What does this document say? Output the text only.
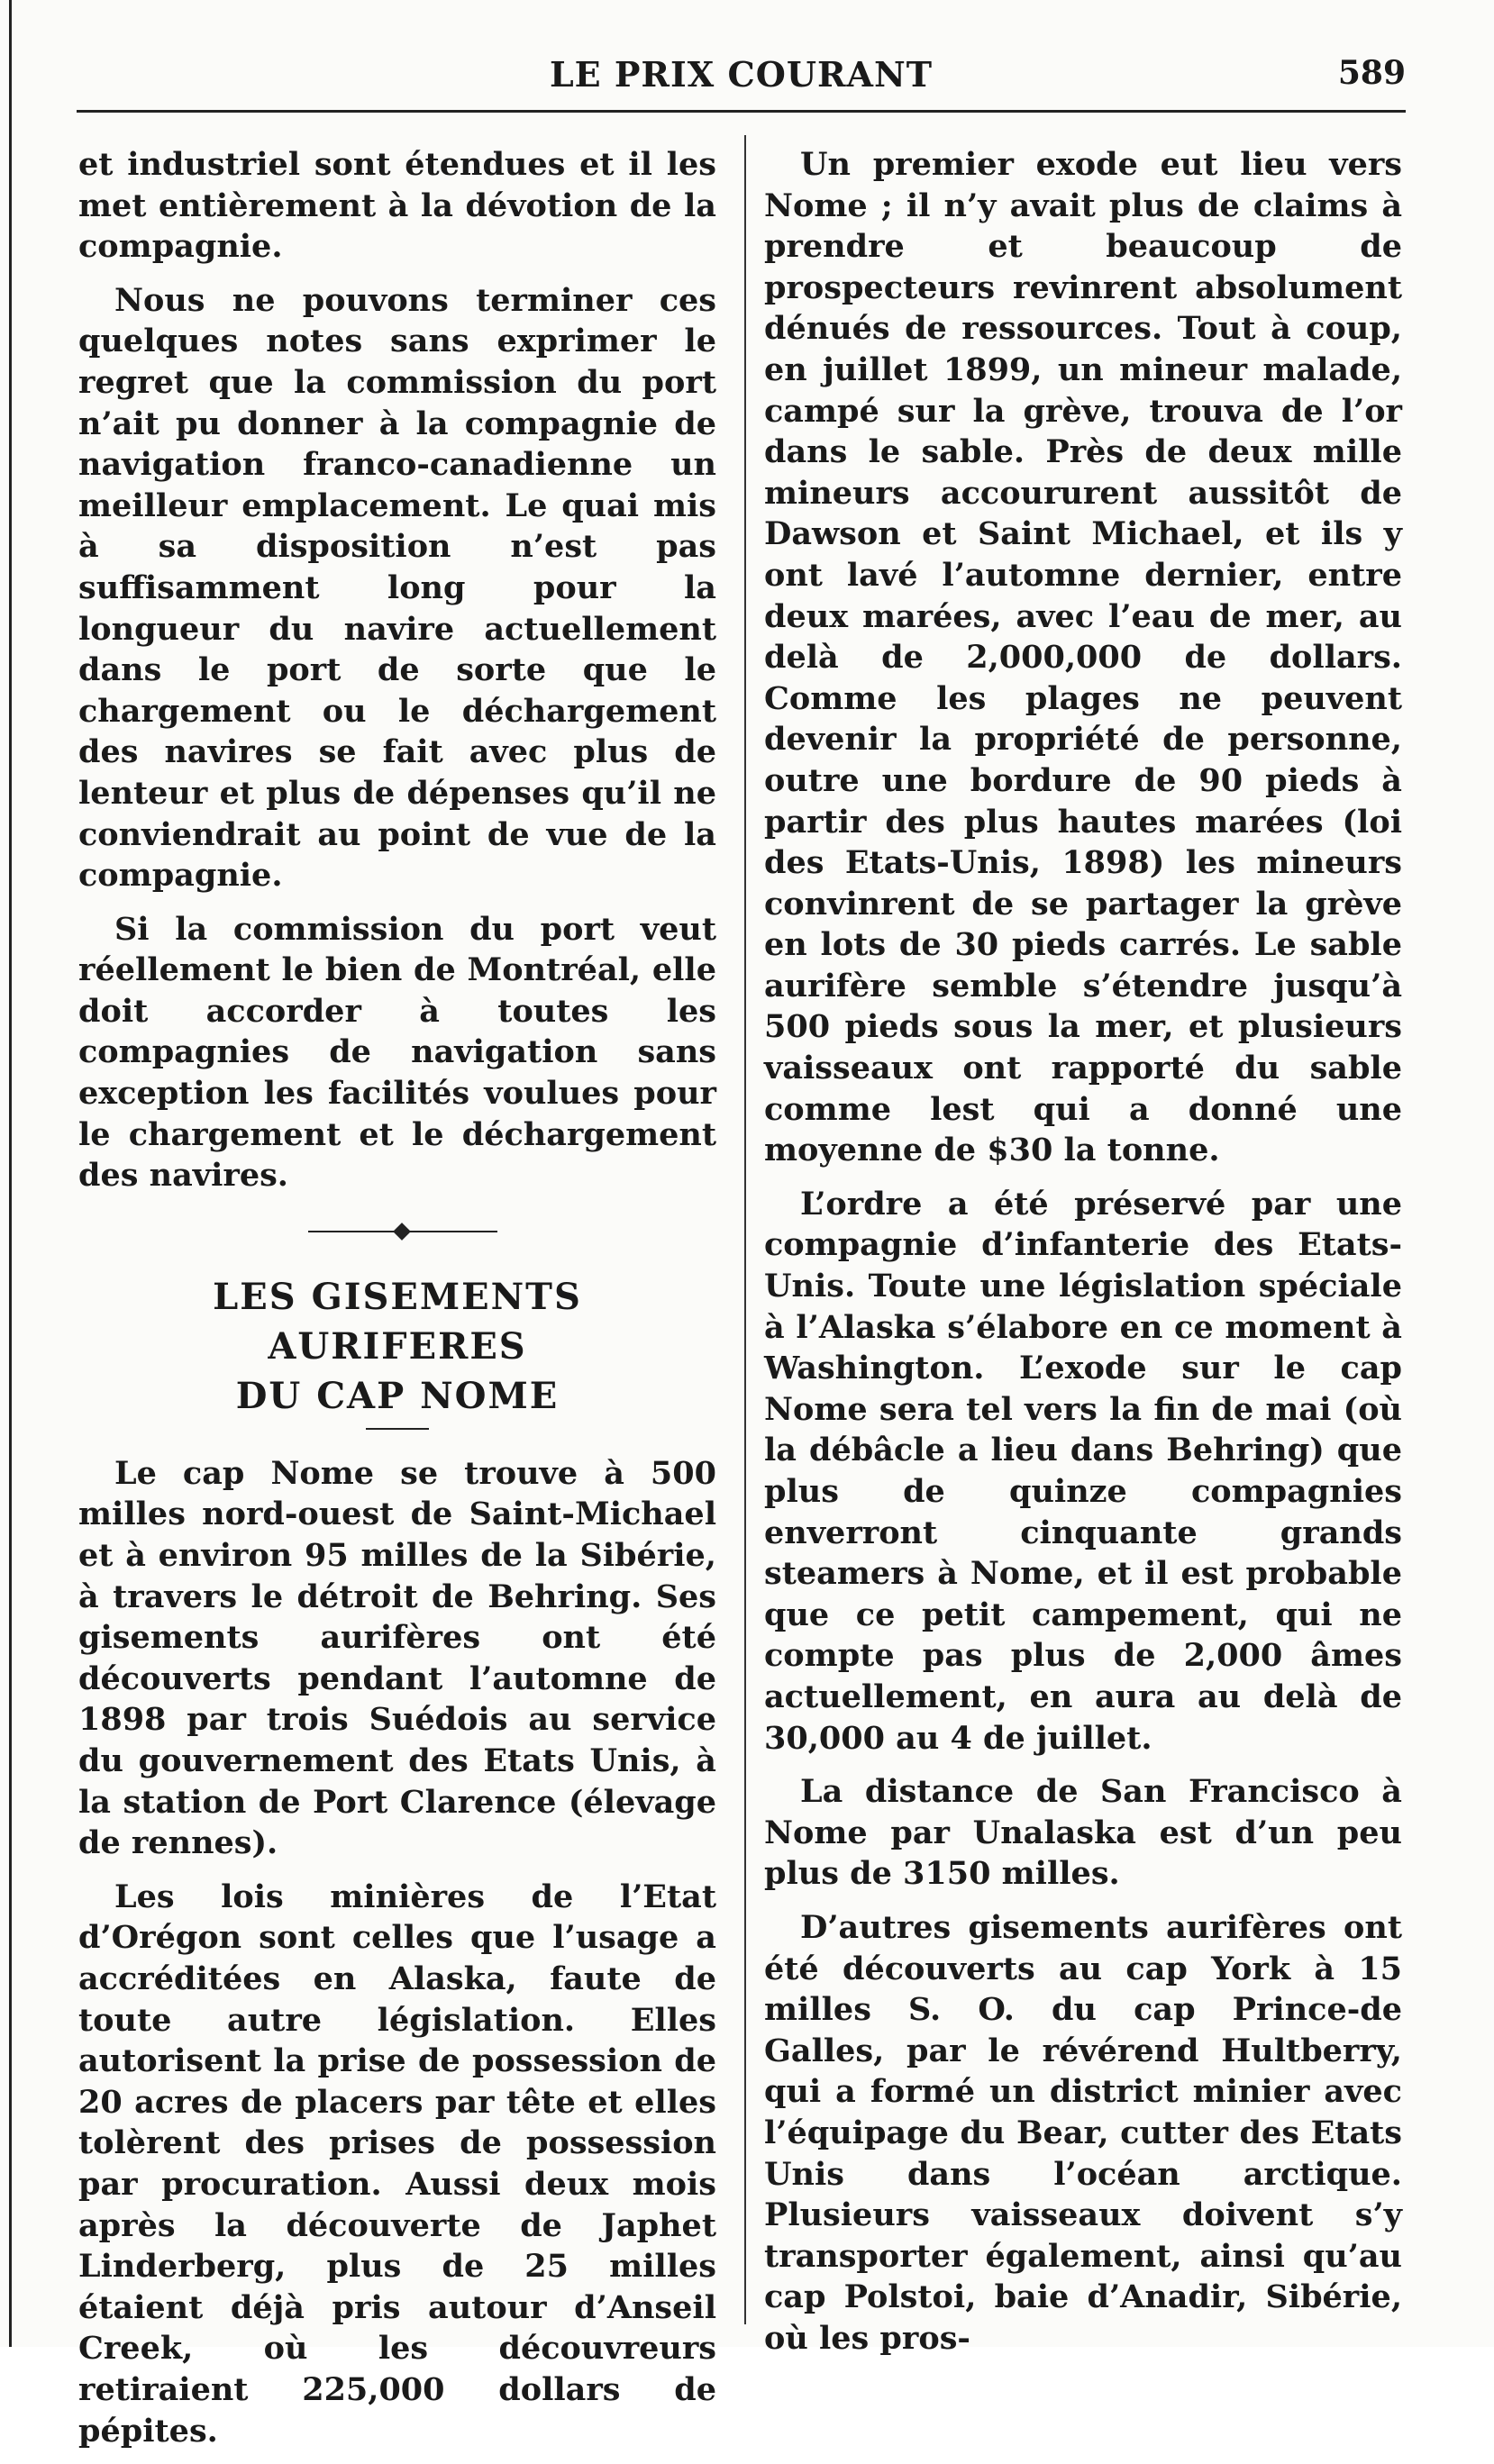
LE PRIX COURANT	589

et industriel sont étendues et il les met entièrement à la dévotion de la compagnie.

Nous ne pouvons terminer ces quelques notes sans exprimer le regret que la commission du port n’ait pu donner à la compagnie de navigation franco-canadienne un meilleur emplacement. Le quai mis à sa disposition n’est pas suffisamment long pour la longueur du navire actuellement dans le port de sorte que le chargement ou le déchargement des navires se fait avec plus de lenteur et plus de dépenses qu’il ne conviendrait au point de vue de la compagnie.

Si la commission du port veut réellement le bien de Montréal, elle doit accorder à toutes les compagnies de navigation sans exception les facilités voulues pour le chargement et le déchargement des navires.

LES GISEMENTS AURIFERES
DU CAP NOME

Le cap Nome se trouve à 500 milles nord-ouest de Saint-Michael et à environ 95 milles de la Sibérie, à travers le détroit de Behring. Ses gisements aurifères ont été découverts pendant l’automne de 1898 par trois Suédois au service du gouvernement des Etats Unis, à la station de Port Clarence (élevage de rennes).

Les lois minières de l’Etat d’Orégon sont celles que l’usage a accréditées en Alaska, faute de toute autre législation. Elles autorisent la prise de possession de 20 acres de placers par tête et elles tolèrent des prises de possession par procuration. Aussi deux mois après la découverte de Japhet Linderberg, plus de 25 milles étaient déjà pris autour d’Anseil Creek, où les découvreurs retiraient 225,000 dollars de pépites.

Un premier exode eut lieu vers Nome ; il n’y avait plus de claims à prendre et beaucoup de prospecteurs revinrent absolument dénués de ressources. Tout à coup, en juillet 1899, un mineur malade, campé sur la grève, trouva de l’or dans le sable. Près de deux mille mineurs accoururent aussitôt de Dawson et Saint Michael, et ils y ont lavé l’automne dernier, entre deux marées, avec l’eau de mer, au delà de 2,000,000 de dollars. Comme les plages ne peuvent devenir la propriété de personne, outre une bordure de 90 pieds à partir des plus hautes marées (loi des Etats-Unis, 1898) les mineurs convinrent de se partager la grève en lots de 30 pieds carrés. Le sable aurifère semble s’étendre jusqu’à 500 pieds sous la mer, et plusieurs vaisseaux ont rapporté du sable comme lest qui a donné une moyenne de $30 la tonne.

L’ordre a été préservé par une compagnie d’infanterie des Etats-Unis. Toute une législation spéciale à l’Alaska s’élabore en ce moment à Washington. L’exode sur le cap Nome sera tel vers la fin de mai (où la débâcle a lieu dans Behring) que plus de quinze compagnies enverront cinquante grands steamers à Nome, et il est probable que ce petit campement, qui ne compte pas plus de 2,000 âmes actuellement, en aura au delà de 30,000 au 4 de juillet.

La distance de San Francisco à Nome par Unalaska est d’un peu plus de 3150 milles.

D’autres gisements aurifères ont été découverts au cap York à 15 milles S. O. du cap Prince-de Galles, par le révérend Hultberry, qui a formé un district minier avec l’équipage du Bear, cutter des Etats Unis dans l’océan arctique. Plusieurs vaisseaux doivent s’y transporter également, ainsi qu’au cap Polstoi, baie d’Anadir, Sibérie, où les pros-
